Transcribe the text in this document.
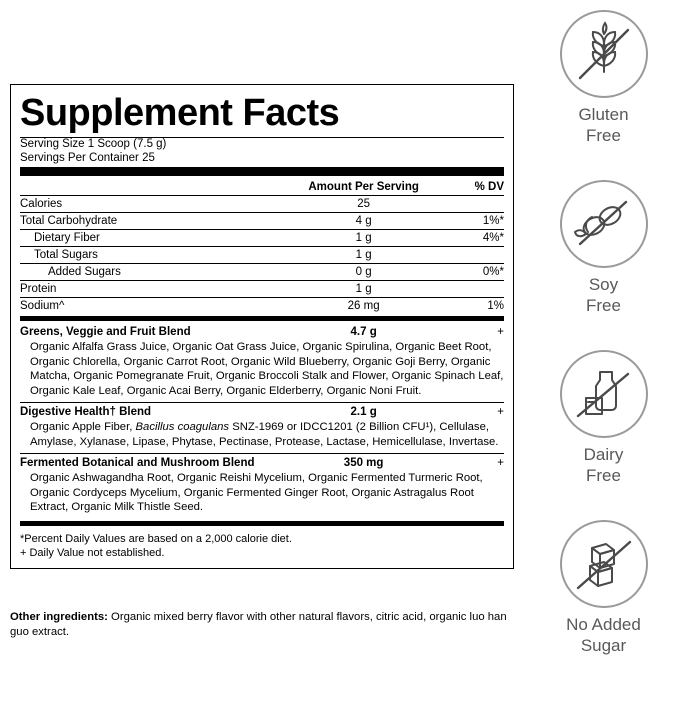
Supplement Facts
Serving Size 1 Scoop (7.5 g)
Servings Per Container 25
	Amount Per Serving	% DV
Calories	25	
Total Carbohydrate	4 g	1%*
Dietary Fiber	1 g	4%*
Total Sugars	1 g	
Added Sugars	0 g	0%*
Protein	1 g	
Sodium^	26 mg	1%
Greens, Veggie and Fruit Blend	4.7 g	+
Organic Alfalfa Grass Juice, Organic Oat Grass Juice, Organic Spirulina, Organic Beet Root, Organic Chlorella, Organic Carrot Root, Organic Wild Blueberry, Organic Goji Berry, Organic Matcha, Organic Pomegranate Fruit, Organic Broccoli Stalk and Flower, Organic Spinach Leaf, Organic Kale Leaf, Organic Acai Berry, Organic Elderberry, Organic Noni Fruit.
Digestive Health† Blend	2.1 g	+
Organic Apple Fiber, Bacillus coagulans SNZ-1969 or IDCC1201 (2 Billion CFU¹), Cellulase, Amylase, Xylanase, Lipase, Phytase, Pectinase, Protease, Lactase, Hemicellulase, Invertase.
Fermented Botanical and Mushroom Blend	350 mg	+
Organic Ashwagandha Root, Organic Reishi Mycelium, Organic Fermented Turmeric Root, Organic Cordyceps Mycelium, Organic Fermented Ginger Root, Organic Astragalus Root Extract, Organic Milk Thistle Seed.
*Percent Daily Values are based on a 2,000 calorie diet.
+ Daily Value not established.
Other ingredients: Organic mixed berry flavor with other natural flavors, citric acid, organic luo han guo extract.
Gluten
Free
Soy
Free
Dairy
Free
No Added
Sugar
